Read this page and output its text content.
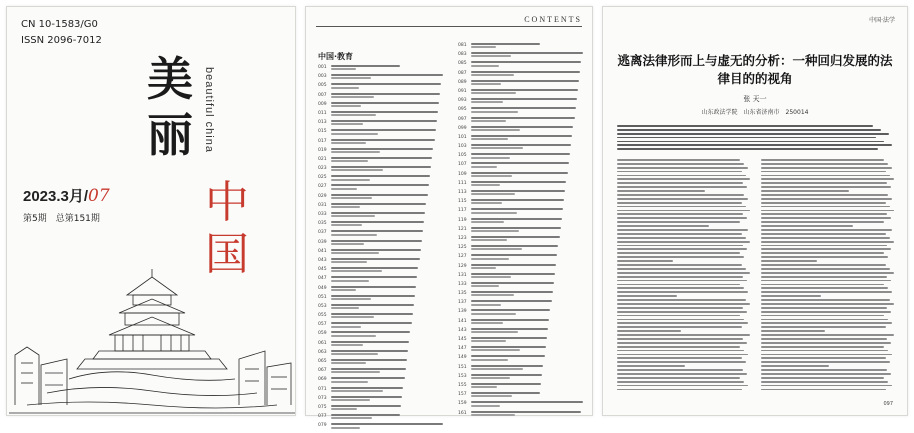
CN 10-1583/G0
ISSN 2096-7012
美丽 beautiful china
中国
2023.3月/07
第5期　总第151期
CONTENTS
中国·教育
001
003
005
007
009
011
013
015
017
019
021
023
025
027
029
031
033
035
037
039
041
043
045
047
049
051
053
055
057
059
061
063
065
067
069
071
073
075
077
079
081
083
085
087
089
091
093
095
097
099
101
103
105
107
109
111
113
115
117
119
121
123
125
127
129
131
133
135
137
139
141
143
145
147
149
151
153
155
157
159
161
中国·法学
逃离法律形而上与虚无的分析：一种回归发展的法律目的的视角
张 天一
山东政法学院　山东省济南市　250014
097
